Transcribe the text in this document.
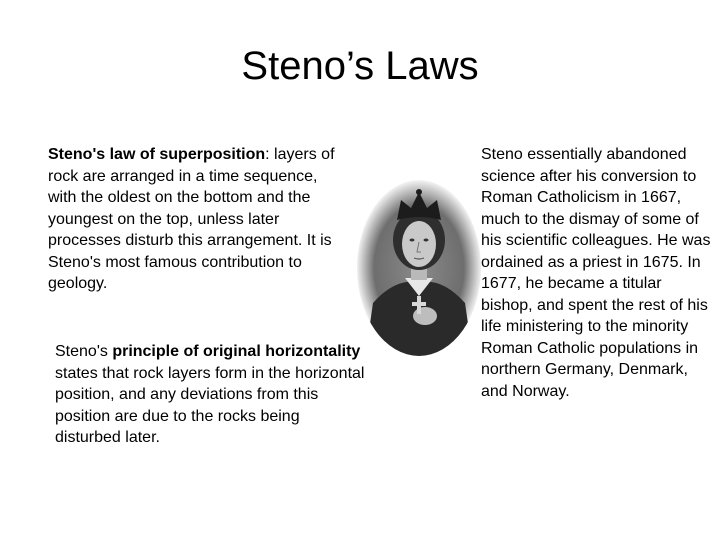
Steno’s Laws

Steno's law of superposition: layers of rock are arranged in a time sequence, with the oldest on the bottom and the youngest on the top, unless later processes disturb this arrangement. It is Steno's most famous contribution to geology.

Steno's principle of original horizontality states that rock layers form in the horizontal position, and any deviations from this position are due to the rocks being disturbed later.

Steno essentially abandoned science after his conversion to Roman Catholicism in 1667, much to the dismay of some of his scientific colleagues. He was ordained as a priest in 1675. In 1677, he became a titular bishop, and spent the rest of his life ministering to the minority Roman Catholic populations in northern Germany, Denmark, and Norway.
